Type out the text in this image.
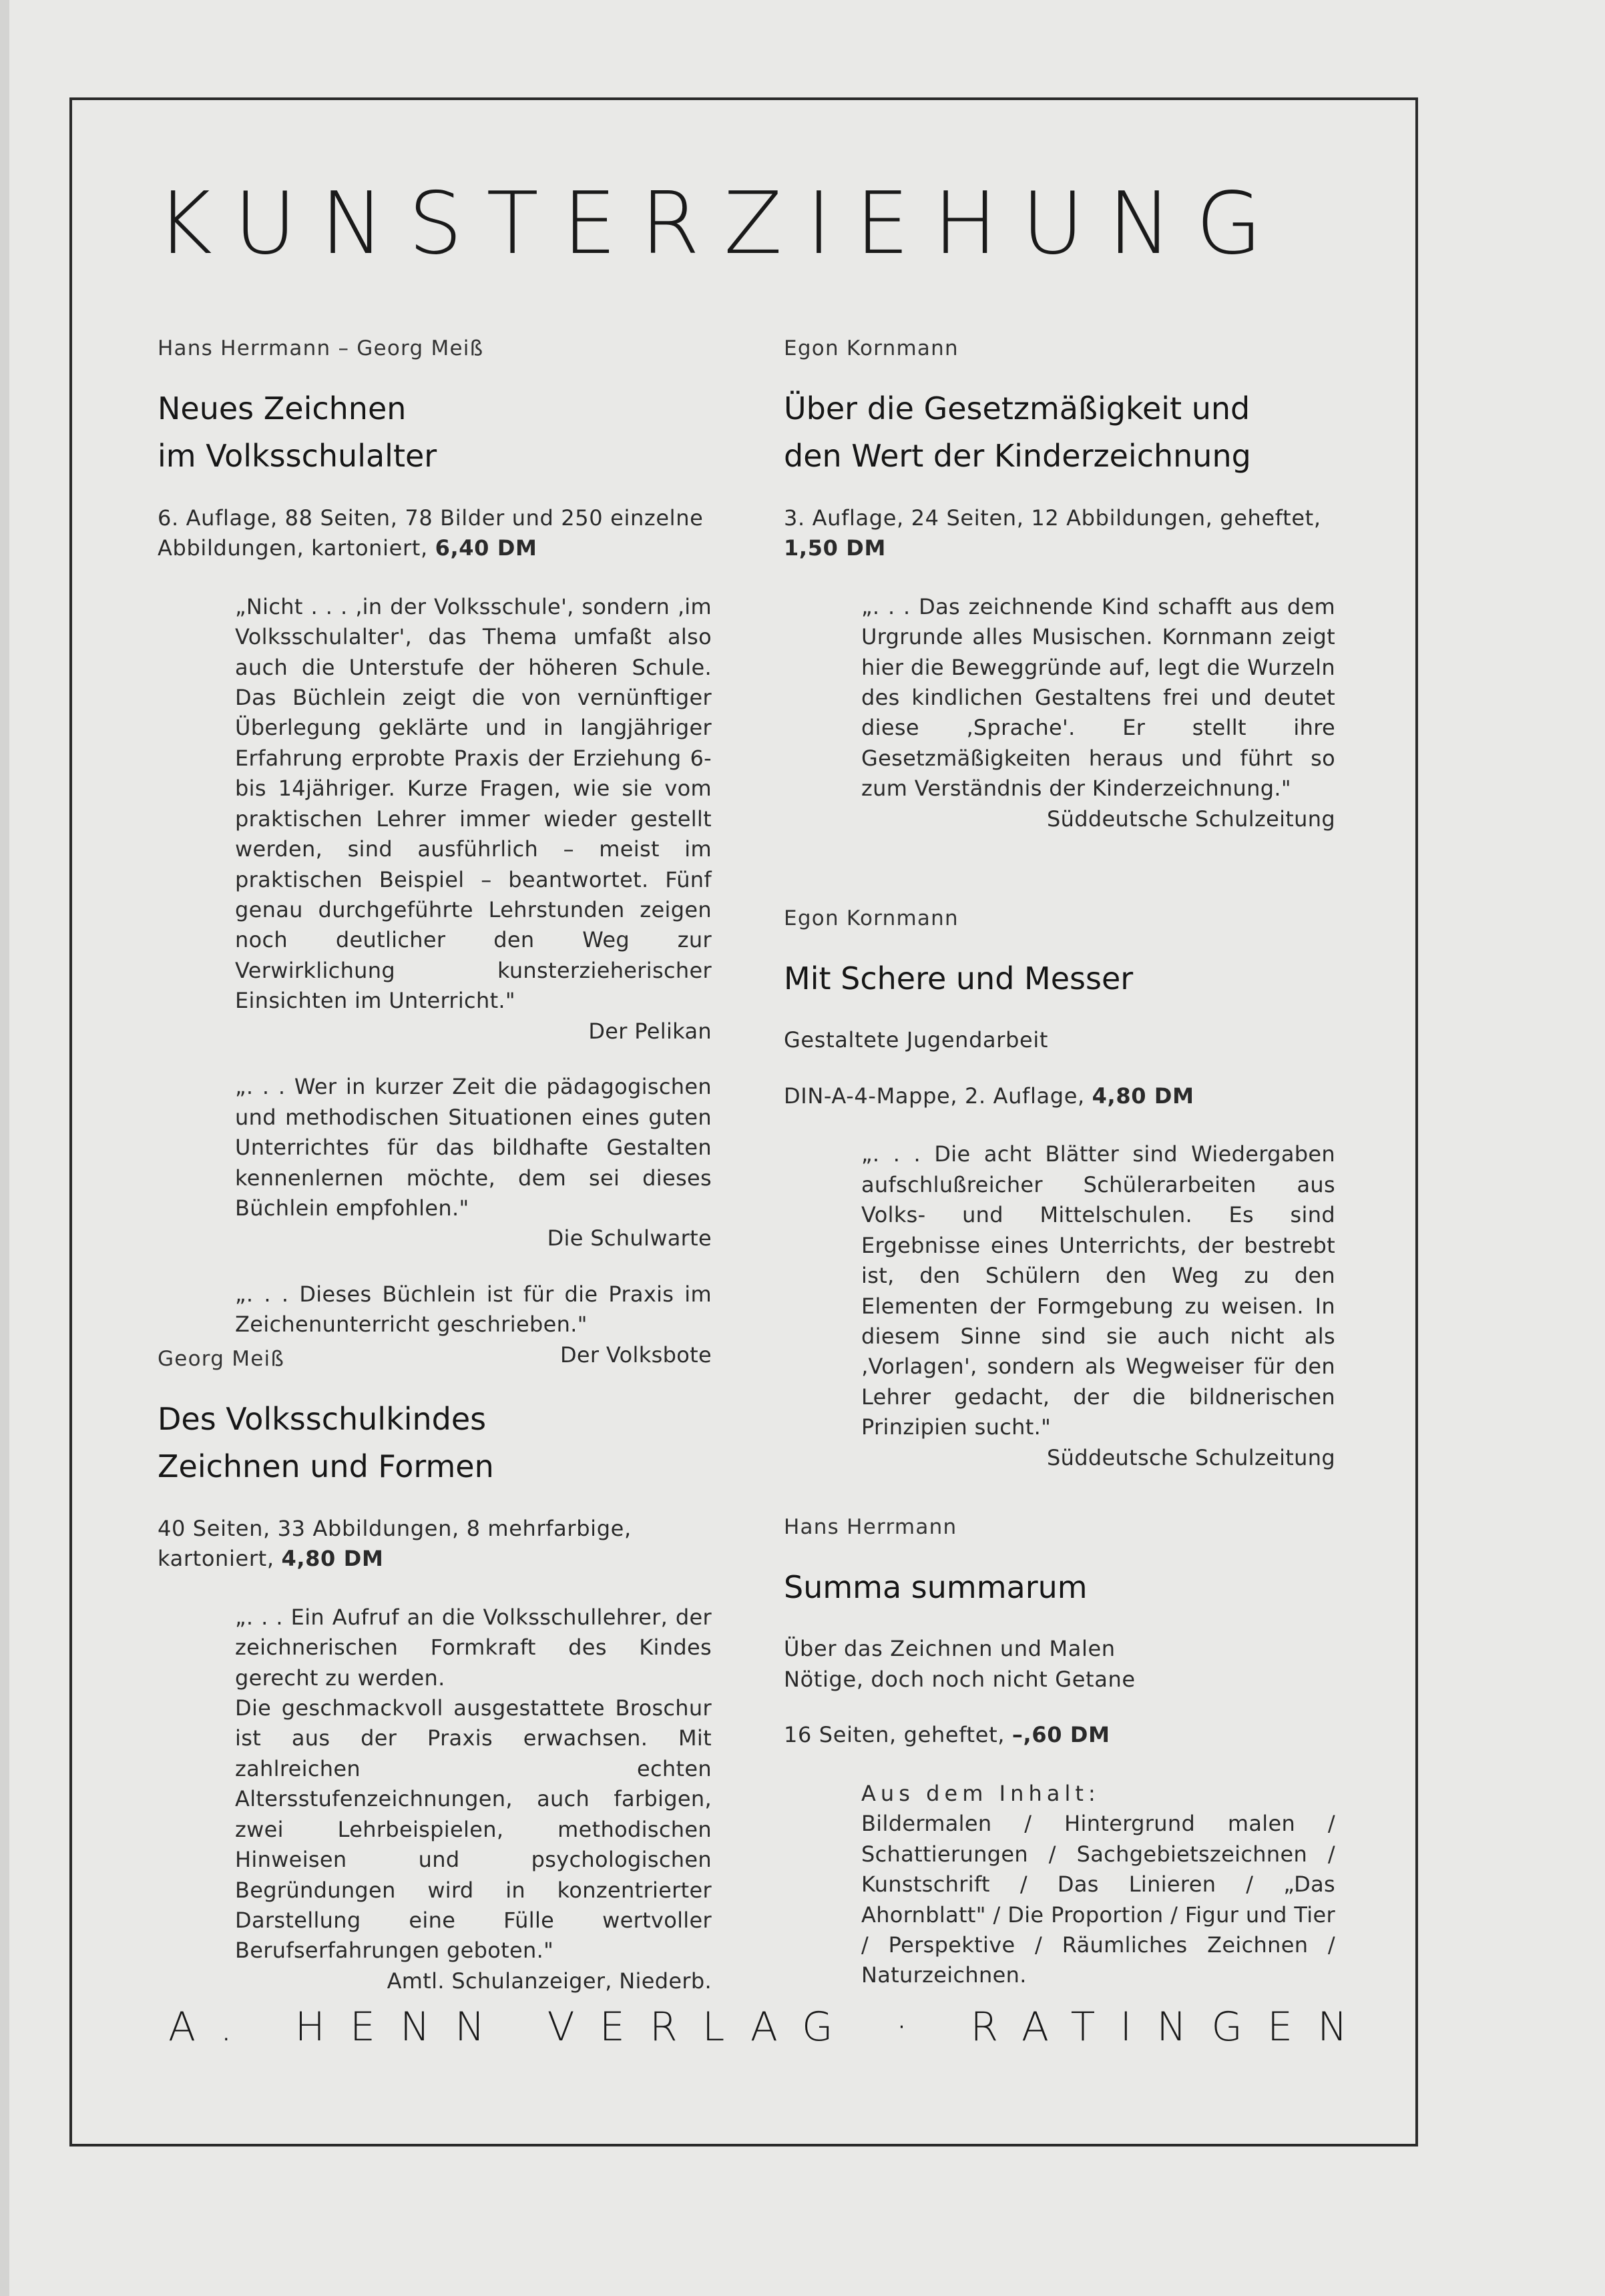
KUNSTERZIEHUNG

Hans Herrmann – Georg Meiß

Neues Zeichnen
im Volksschulalter

6. Auflage, 88 Seiten, 78 Bilder und 250 einzelne Abbildungen, kartoniert, 6,40 DM

„Nicht . . . ‚in der Volksschule', sondern ‚im Volksschulalter', das Thema umfaßt also auch die Unterstufe der höheren Schule. Das Büchlein zeigt die von vernünftiger Überlegung geklärte und in langjähriger Erfahrung erprobte Praxis der Erziehung 6- bis 14jähriger. Kurze Fragen, wie sie vom praktischen Lehrer immer wieder gestellt werden, sind ausführlich – meist im praktischen Beispiel – beantwortet. Fünf genau durchgeführte Lehrstunden zeigen noch deutlicher den Weg zur Verwirklichung kunsterzieherischer Einsichten im Unterricht."

Der Pelikan

„. . . Wer in kurzer Zeit die pädagogischen und methodischen Situationen eines guten Unterrichtes für das bildhafte Gestalten kennenlernen möchte, dem sei dieses Büchlein empfohlen."

Die Schulwarte

„. . . Dieses Büchlein ist für die Praxis im Zeichenunterricht geschrieben."

Der Volksbote

Georg Meiß

Des Volksschulkindes
Zeichnen und Formen

40 Seiten, 33 Abbildungen, 8 mehrfarbige, kartoniert, 4,80 DM

„. . . Ein Aufruf an die Volksschullehrer, der zeichnerischen Formkraft des Kindes gerecht zu werden.

Die geschmackvoll ausgestattete Broschur ist aus der Praxis erwachsen. Mit zahlreichen echten Altersstufenzeichnungen, auch farbigen, zwei Lehrbeispielen, methodischen Hinweisen und psychologischen Begründungen wird in konzentrierter Darstellung eine Fülle wertvoller Berufserfahrungen geboten."

Amtl. Schulanzeiger, Niederb.

Egon Kornmann

Über die Gesetzmäßigkeit und
den Wert der Kinderzeichnung

3. Auflage, 24 Seiten, 12 Abbildungen, geheftet, 1,50 DM

„. . . Das zeichnende Kind schafft aus dem Urgrunde alles Musischen. Kornmann zeigt hier die Beweggründe auf, legt die Wurzeln des kindlichen Gestaltens frei und deutet diese ‚Sprache'. Er stellt ihre Gesetzmäßigkeiten heraus und führt so zum Verständnis der Kinderzeichnung."

Süddeutsche Schulzeitung

Egon Kornmann

Mit Schere und Messer

Gestaltete Jugendarbeit

DIN-A-4-Mappe, 2. Auflage, 4,80 DM

„. . . Die acht Blätter sind Wiedergaben aufschlußreicher Schülerarbeiten aus Volks- und Mittelschulen. Es sind Ergebnisse eines Unterrichts, der bestrebt ist, den Schülern den Weg zu den Elementen der Formgebung zu weisen. In diesem Sinne sind sie auch nicht als ‚Vorlagen', sondern als Wegweiser für den Lehrer gedacht, der die bildnerischen Prinzipien sucht."

Süddeutsche Schulzeitung

Hans Herrmann

Summa summarum

Über das Zeichnen und Malen
Nötige, doch noch nicht Getane

16 Seiten, geheftet, –,60 DM

Aus dem Inhalt:

Bildermalen / Hintergrund malen / Schattierungen / Sachgebietszeichnen / Kunstschrift / Das Linieren / „Das Ahornblatt" / Die Proportion / Figur und Tier / Perspektive / Räumliches Zeichnen / Naturzeichnen.

A. HENN VERLAG · RATINGEN
